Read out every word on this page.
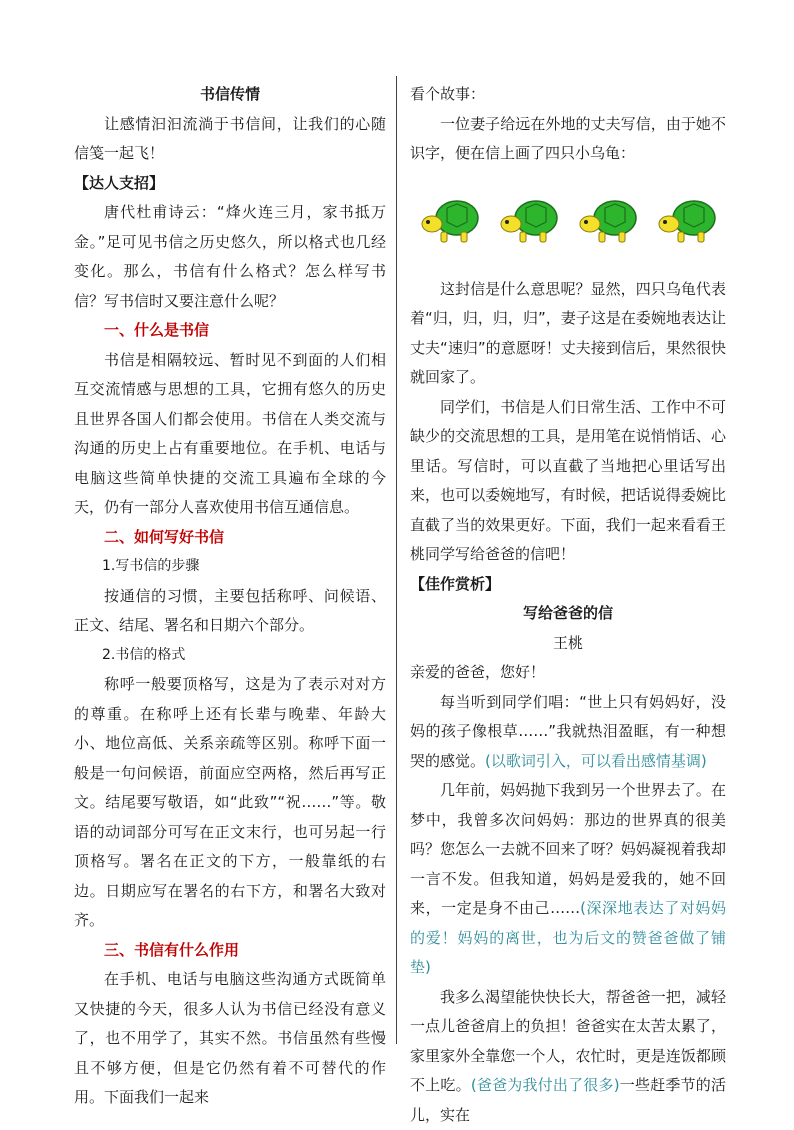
书信传情

让感情汩汩流淌于书信间，让我们的心随信笺一起飞！

【达人支招】

唐代杜甫诗云：“烽火连三月，家书抵万金。”足可见书信之历史悠久，所以格式也几经变化。那么，书信有什么格式？怎么样写书信？写书信时又要注意什么呢？

一、什么是书信

书信是相隔较远、暂时见不到面的人们相互交流情感与思想的工具，它拥有悠久的历史且世界各国人们都会使用。书信在人类交流与沟通的历史上占有重要地位。在手机、电话与电脑这些简单快捷的交流工具遍布全球的今天，仍有一部分人喜欢使用书信互通信息。

二、如何写好书信

1.写书信的步骤

按通信的习惯，主要包括称呼、问候语、正文、结尾、署名和日期六个部分。

2.书信的格式

称呼一般要顶格写，这是为了表示对对方的尊重。在称呼上还有长辈与晚辈、年龄大小、地位高低、关系亲疏等区别。称呼下面一般是一句问候语，前面应空两格，然后再写正文。结尾要写敬语，如“此致”“祝……”等。敬语的动词部分可写在正文末行，也可另起一行顶格写。署名在正文的下方，一般靠纸的右边。日期应写在署名的右下方，和署名大致对齐。

三、书信有什么作用

在手机、电话与电脑这些沟通方式既简单又快捷的今天，很多人认为书信已经没有意义了，也不用学了，其实不然。书信虽然有些慢且不够方便，但是它仍然有着不可替代的作用。下面我们一起来

看个故事：

一位妻子给远在外地的丈夫写信，由于她不识字，便在信上画了四只小乌龟：

这封信是什么意思呢？显然，四只乌龟代表着“归，归，归，归”，妻子这是在委婉地表达让丈夫“速归”的意愿呀！丈夫接到信后，果然很快就回家了。

同学们，书信是人们日常生活、工作中不可缺少的交流思想的工具，是用笔在说悄悄话、心里话。写信时，可以直截了当地把心里话写出来，也可以委婉地写，有时候，把话说得委婉比直截了当的效果更好。下面，我们一起来看看王桃同学写给爸爸的信吧！

【佳作赏析】

写给爸爸的信

王桃

亲爱的爸爸，您好！

每当听到同学们唱：“世上只有妈妈好，没妈的孩子像根草……”我就热泪盈眶，有一种想哭的感觉。(以歌词引入，可以看出感情基调)

几年前，妈妈抛下我到另一个世界去了。在梦中，我曾多次问妈妈：那边的世界真的很美吗？您怎么一去就不回来了呀？妈妈凝视着我却一言不发。但我知道，妈妈是爱我的，她不回来，一定是身不由己……(深深地表达了对妈妈的爱！妈妈的离世，也为后文的赞爸爸做了铺垫)

我多么渴望能快快长大，帮爸爸一把，减轻一点儿爸爸肩上的负担！爸爸实在太苦太累了，家里家外全靠您一个人，农忙时，更是连饭都顾不上吃。(爸爸为我付出了很多)一些赶季节的活儿，实在
